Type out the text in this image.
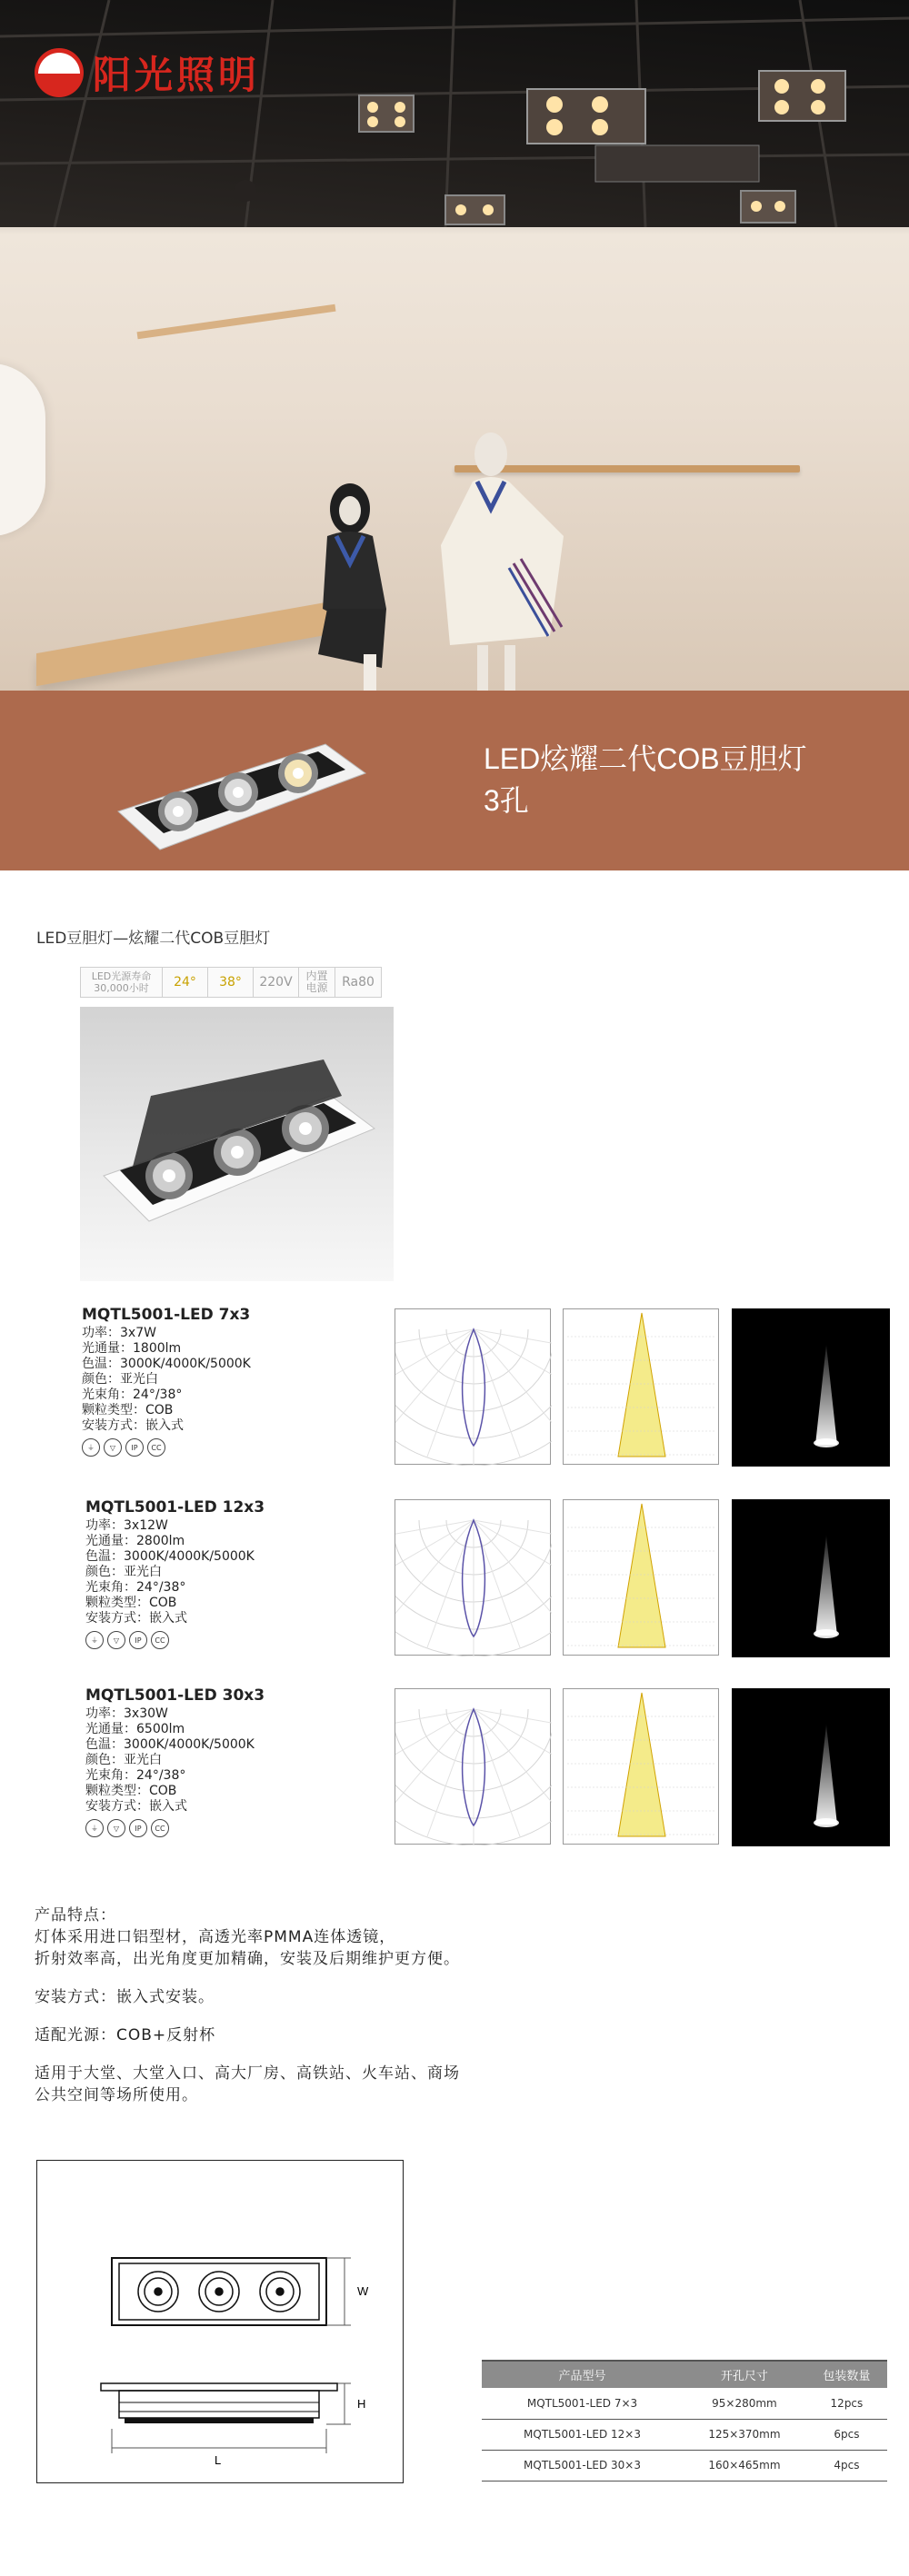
阳光照明
LED炫耀二代COB豆胆灯
3孔
LED豆胆灯—炫耀二代COB豆胆灯
LED光源寿命
30,000小时	24°	38°	220V	内置
电源	Ra80
MQTL5001-LED 7x3
功率： 3x7W
光通量： 1800lm
色温： 3000K/4000K/5000K
颜色： 亚光白
光束角： 24°/38°
颗粒类型： COB
安装方式： 嵌入式
⏚	▽	IP	CC
MQTL5001-LED 12x3
功率： 3x12W
光通量： 2800lm
色温： 3000K/4000K/5000K
颜色： 亚光白
光束角： 24°/38°
颗粒类型： COB
安装方式： 嵌入式
MQTL5001-LED 30x3
功率： 3x30W
光通量： 6500lm
色温： 3000K/4000K/5000K
颜色： 亚光白
光束角： 24°/38°
颗粒类型： COB
安装方式： 嵌入式
⏚	▽	IP	CC
⏚	▽	IP	CC
产品特点：
灯体采用进口铝型材，高透光率PMMA连体透镜，
折射效率高，出光角度更加精确，安装及后期维护更方便。
安装方式：嵌入式安装。
适配光源：COB+反射杯
适用于大堂、大堂入口、高大厂房、高铁站、火车站、商场
公共空间等场所使用。
W
H
L
产品型号	开孔尺寸	包装数量
MQTL5001-LED 7×3	95×280mm	12pcs
MQTL5001-LED 12×3	125×370mm	6pcs
MQTL5001-LED 30×3	160×465mm	4pcs
